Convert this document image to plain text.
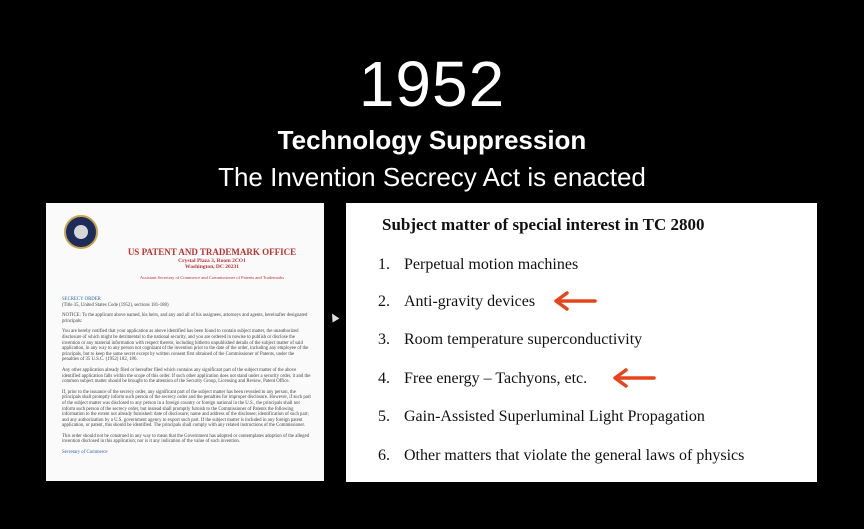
1952
Technology Suppression
The Invention Secrecy Act is enacted
US PATENT AND TRADEMARK OFFICE
Crystal Plaza 3, Room 2CO1
Washington, DC 20231
Assistant Secretary of Commerce and Commissioner of Patents and Trademarks

SECRECY ORDER

(Title 35, United States Code (1952), sections 181-188)

NOTICE: To the applicant above named, his heirs, and any and all of his assignees, attorneys and agents, hereinafter designated principals:

You are hereby notified that your application as above identified has been found to contain subject matter, the unauthorized disclosure of which might be detrimental to the national security, and you are ordered in nowise to publish or disclose the invention or any material information with respect thereto, including hitherto unpublished details of the subject matter of said application, in any way to any person not cognizant of the invention prior to the date of the order, including any employee of the principals, but to keep the same secret except by written consent first obtained of the Commissioner of Patents, under the penalties of 35 U.S.C. (1952) 182, 186.

Any other application already filed or hereafter filed which contains any significant part of the subject matter of the above identified application falls within the scope of this order. If such other application does not stand under a security order, it and the common subject matter should be brought to the attention of the Security Group, Licensing and Review, Patent Office.

If, prior to the issuance of the secrecy order, any significant part of the subject matter has been revealed to any person, the principals shall promptly inform such person of the secrecy order and the penalties for improper disclosure. However, if such part of the subject matter was disclosed to any person in a foreign country or foreign national in the U.S., the principals shall not inform such person of the secrecy order, but instead shall promptly furnish to the Commissioner of Patents the following information to the extent not already furnished: date of disclosure; name and address of the disclosee; identification of such part; and any authorization by a U.S. government agency to export such part. If the subject matter is included in any foreign patent application, or patent, this should be identified. The principals shall comply with any related instructions of the Commissioner.

This order should not be construed in any way to mean that the Government has adopted or contemplates adoption of the alleged invention disclosed in this application; nor is it any indication of the value of such invention.

Secretary of Commerce

Subject matter of special interest in TC 2800
1. Perpetual motion machines
2. Anti-gravity devices
3. Room temperature superconductivity
4. Free energy – Tachyons, etc.
5. Gain-Assisted Superluminal Light Propagation
6. Other matters that violate the general laws of physics
